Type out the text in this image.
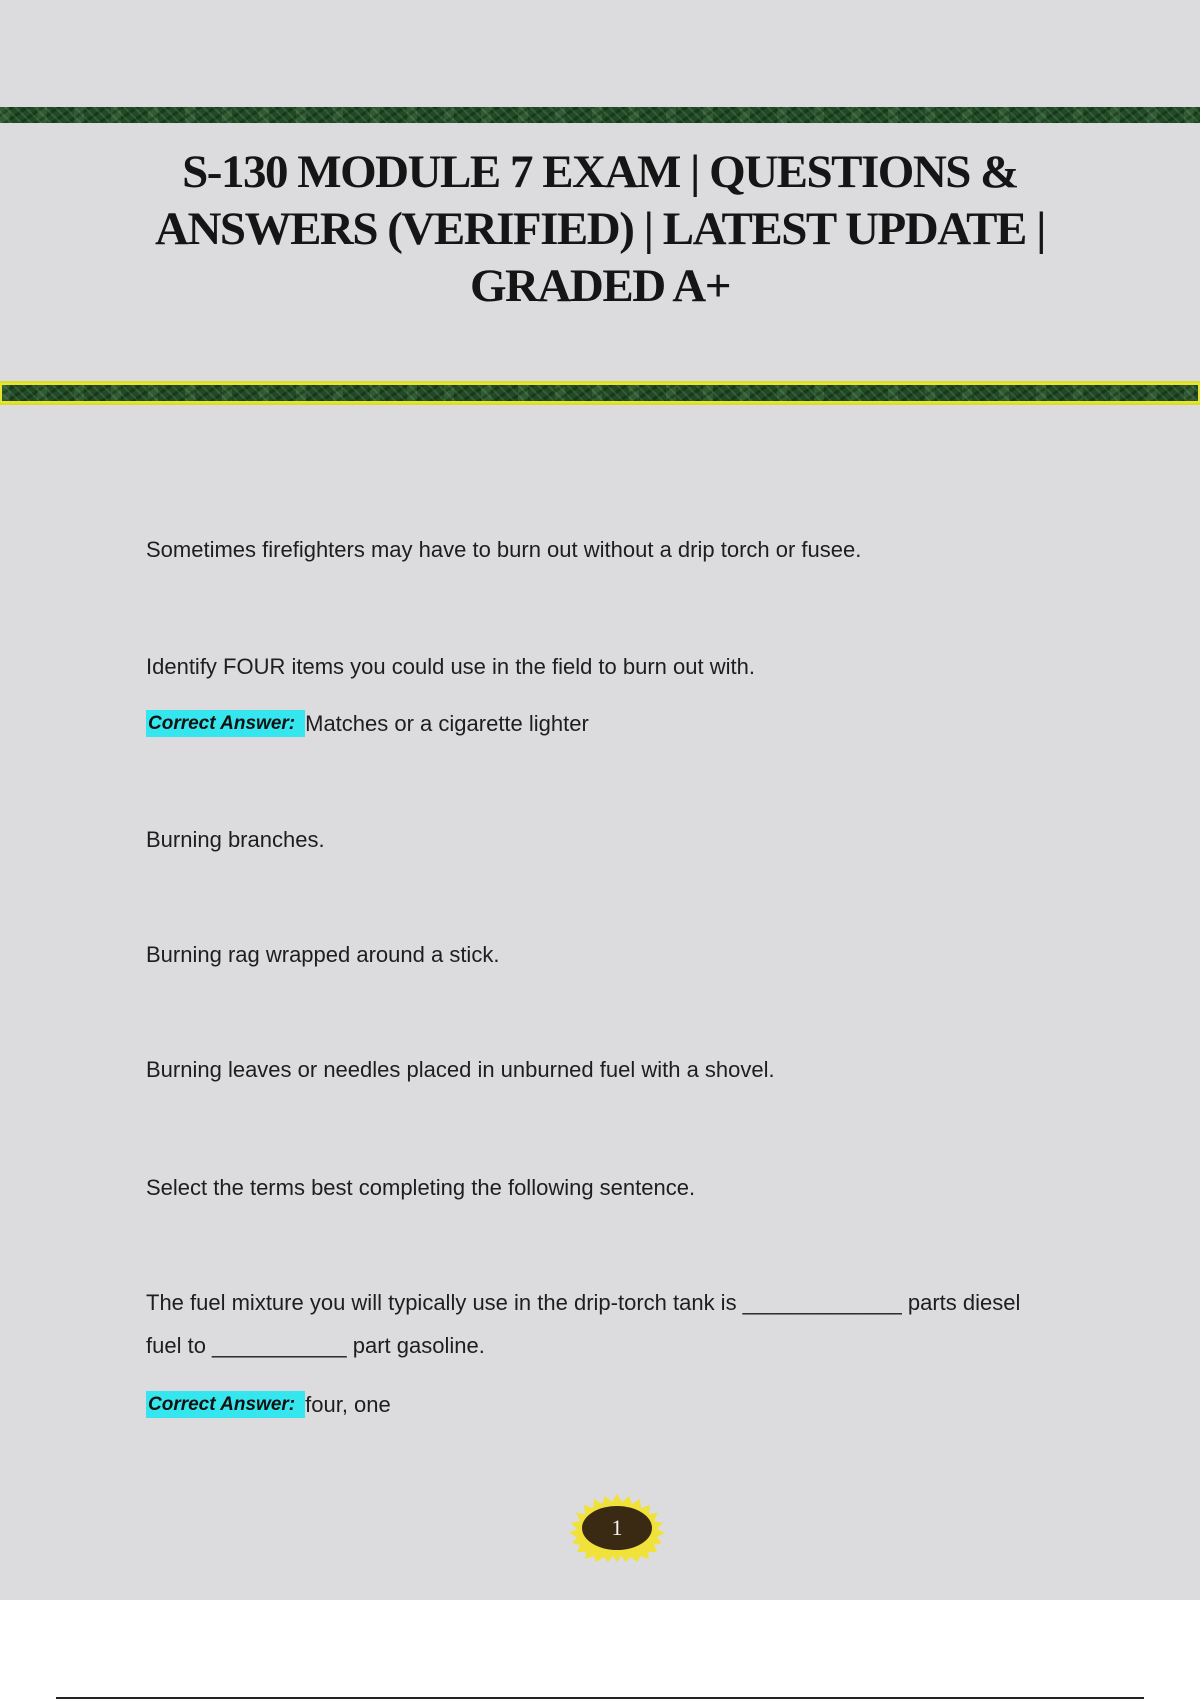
S-130 MODULE 7 EXAM | QUESTIONS & ANSWERS (VERIFIED) | LATEST UPDATE | GRADED A+

Sometimes firefighters may have to burn out without a drip torch or fusee.

Identify FOUR items you could use in the field to burn out with.

Correct Answer: Matches or a cigarette lighter

Burning branches.

Burning rag wrapped around a stick.

Burning leaves or needles placed in unburned fuel with a shovel.

Select the terms best completing the following sentence.

The fuel mixture you will typically use in the drip-torch tank is _____________ parts diesel fuel to ___________ part gasoline.

Correct Answer: four, one

1
